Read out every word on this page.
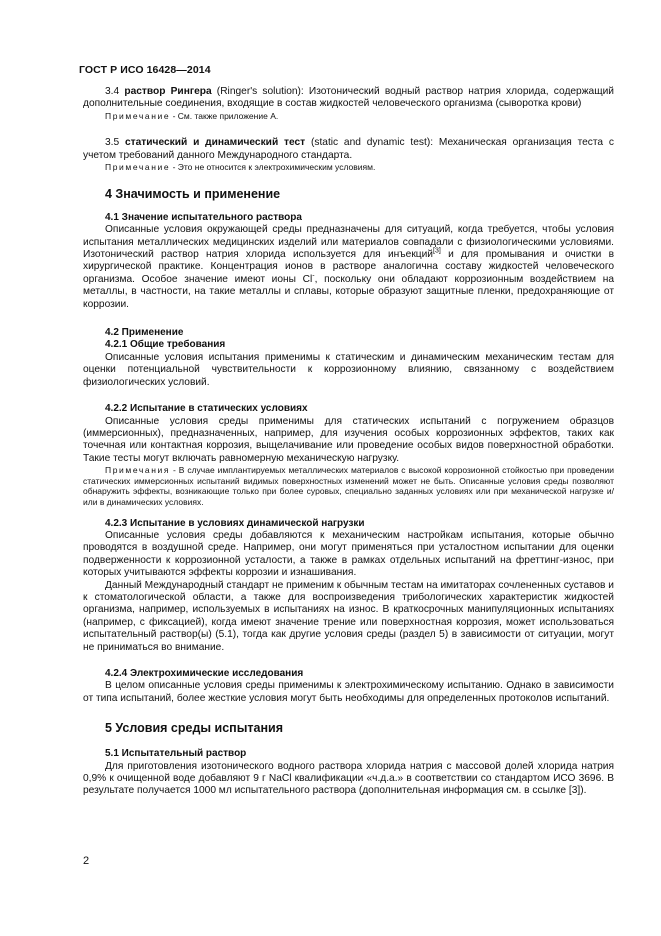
ГОСТ Р ИСО 16428—2014

3.4 раствор Рингера (Ringer's solution): Изотонический водный раствор натрия хлорида, содержащий дополнительные соединения, входящие в состав жидкостей человеческого организма (сыворотка крови)

Примечание - См. также приложение А.

3.5 статический и динамический тест (static and dynamic test): Механическая организация теста с учетом требований данного Международного стандарта.

Примечание - Это не относится к электрохимическим условиям.

4 Значимость и применение
4.1 Значение испытательного раствора

Описанные условия окружающей среды предназначены для ситуаций, когда требуется, чтобы условия испытания металлических медицинских изделий или материалов совпадали с физиологическими условиями. Изотонический раствор натрия хлорида используется для инъекций[3] и для промывания и очистки в хирургической практике. Концентрация ионов в растворе аналогична составу жидкостей человеческого организма. Особое значение имеют ионы Cl-, поскольку они обладают коррозионным воздействием на металлы, в частности, на такие металлы и сплавы, которые образуют защитные пленки, предохраняющие от коррозии.

4.2 Применение
4.2.1 Общие требования

Описанные условия испытания применимы к статическим и динамическим механическим тестам для оценки потенциальной чувствительности к коррозионному влиянию, связанному с воздействием физиологических условий.

4.2.2 Испытание в статических условиях

Описанные условия среды применимы для статических испытаний с погружением образцов (иммерсионных), предназначенных, например, для изучения особых коррозионных эффектов, таких как точечная или контактная коррозия, выщелачивание или проведение особых видов поверхностной обработки. Такие тесты могут включать равномерную механическую нагрузку.

Примечания - В случае имплантируемых металлических материалов с высокой коррозионной стойкостью при проведении статических иммерсионных испытаний видимых поверхностных изменений может не быть. Описанные условия среды позволяют обнаружить эффекты, возникающие только при более суровых, специально заданных условиях или при механической нагрузке и/или в динамических условиях.

4.2.3 Испытание в условиях динамической нагрузки

Описанные условия среды добавляются к механическим настройкам испытания, которые обычно проводятся в воздушной среде. Например, они могут применяться при усталостном испытании для оценки подверженности к коррозионной усталости, а также в рамках отдельных испытаний на фреттинг-износ, при которых учитываются эффекты коррозии и изнашивания.

Данный Международный стандарт не применим к обычным тестам на имитаторах сочлененных суставов и к стоматологической области, а также для воспроизведения трибологических характеристик жидкостей организма, например, используемых в испытаниях на износ. В краткосрочных манипуляционных испытаниях (например, с фиксацией), когда имеют значение трение или поверхностная коррозия, может использоваться испытательный раствор(ы) (5.1), тогда как другие условия среды (раздел 5) в зависимости от ситуации, могут не приниматься во внимание.

4.2.4 Электрохимические исследования

В целом описанные условия среды применимы к электрохимическому испытанию. Однако в зависимости от типа испытаний, более жесткие условия могут быть необходимы для определенных протоколов испытаний.

5 Условия среды испытания
5.1 Испытательный раствор

Для приготовления изотонического водного раствора хлорида натрия с массовой долей хлорида натрия 0,9% к очищенной воде добавляют 9 г NaCl квалификации «ч.д.а.» в соответствии со стандартом ИСО 3696. В результате получается 1000 мл испытательного раствора (дополнительная информация см. в ссылке [3]).

2
